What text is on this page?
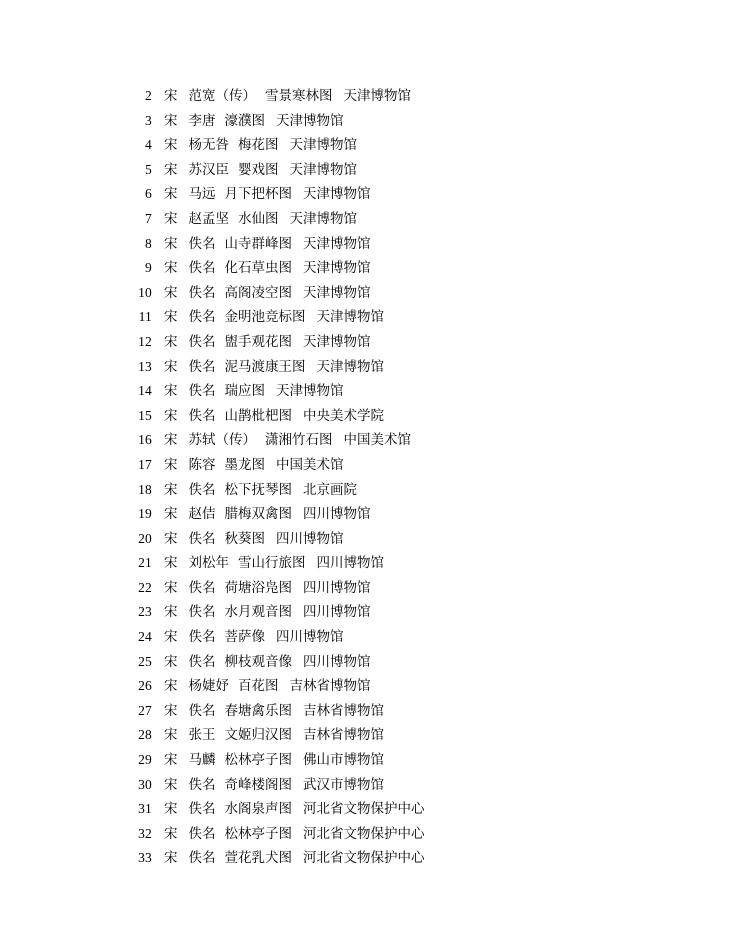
2 宋 范宽（传） 雪景寒林图 天津博物馆
3 宋 李唐 濠濮图 天津博物馆
4 宋 杨无咎 梅花图 天津博物馆
5 宋 苏汉臣 婴戏图 天津博物馆
6 宋 马远 月下把杯图 天津博物馆
7 宋 赵孟坚 水仙图 天津博物馆
8 宋 佚名 山寺群峰图 天津博物馆
9 宋 佚名 化石草虫图 天津博物馆
10 宋 佚名 高阁凌空图 天津博物馆
11 宋 佚名 金明池竞标图 天津博物馆
12 宋 佚名 盥手观花图 天津博物馆
13 宋 佚名 泥马渡康王图 天津博物馆
14 宋 佚名 瑞应图 天津博物馆
15 宋 佚名 山鹊枇杷图 中央美术学院
16 宋 苏轼（传） 潇湘竹石图 中国美术馆
17 宋 陈容 墨龙图 中国美术馆
18 宋 佚名 松下抚琴图 北京画院
19 宋 赵佶 腊梅双禽图 四川博物馆
20 宋 佚名 秋葵图 四川博物馆
21 宋 刘松年 雪山行旅图 四川博物馆
22 宋 佚名 荷塘浴凫图 四川博物馆
23 宋 佚名 水月观音图 四川博物馆
24 宋 佚名 菩萨像 四川博物馆
25 宋 佚名 柳枝观音像 四川博物馆
26 宋 杨婕妤 百花图 吉林省博物馆
27 宋 佚名 春塘禽乐图 吉林省博物馆
28 宋 张王 文姬归汉图 吉林省博物馆
29 宋 马麟 松林亭子图 佛山市博物馆
30 宋 佚名 奇峰楼阁图 武汉市博物馆
31 宋 佚名 水阁泉声图 河北省文物保护中心
32 宋 佚名 松林亭子图 河北省文物保护中心
33 宋 佚名 萱花乳犬图 河北省文物保护中心
